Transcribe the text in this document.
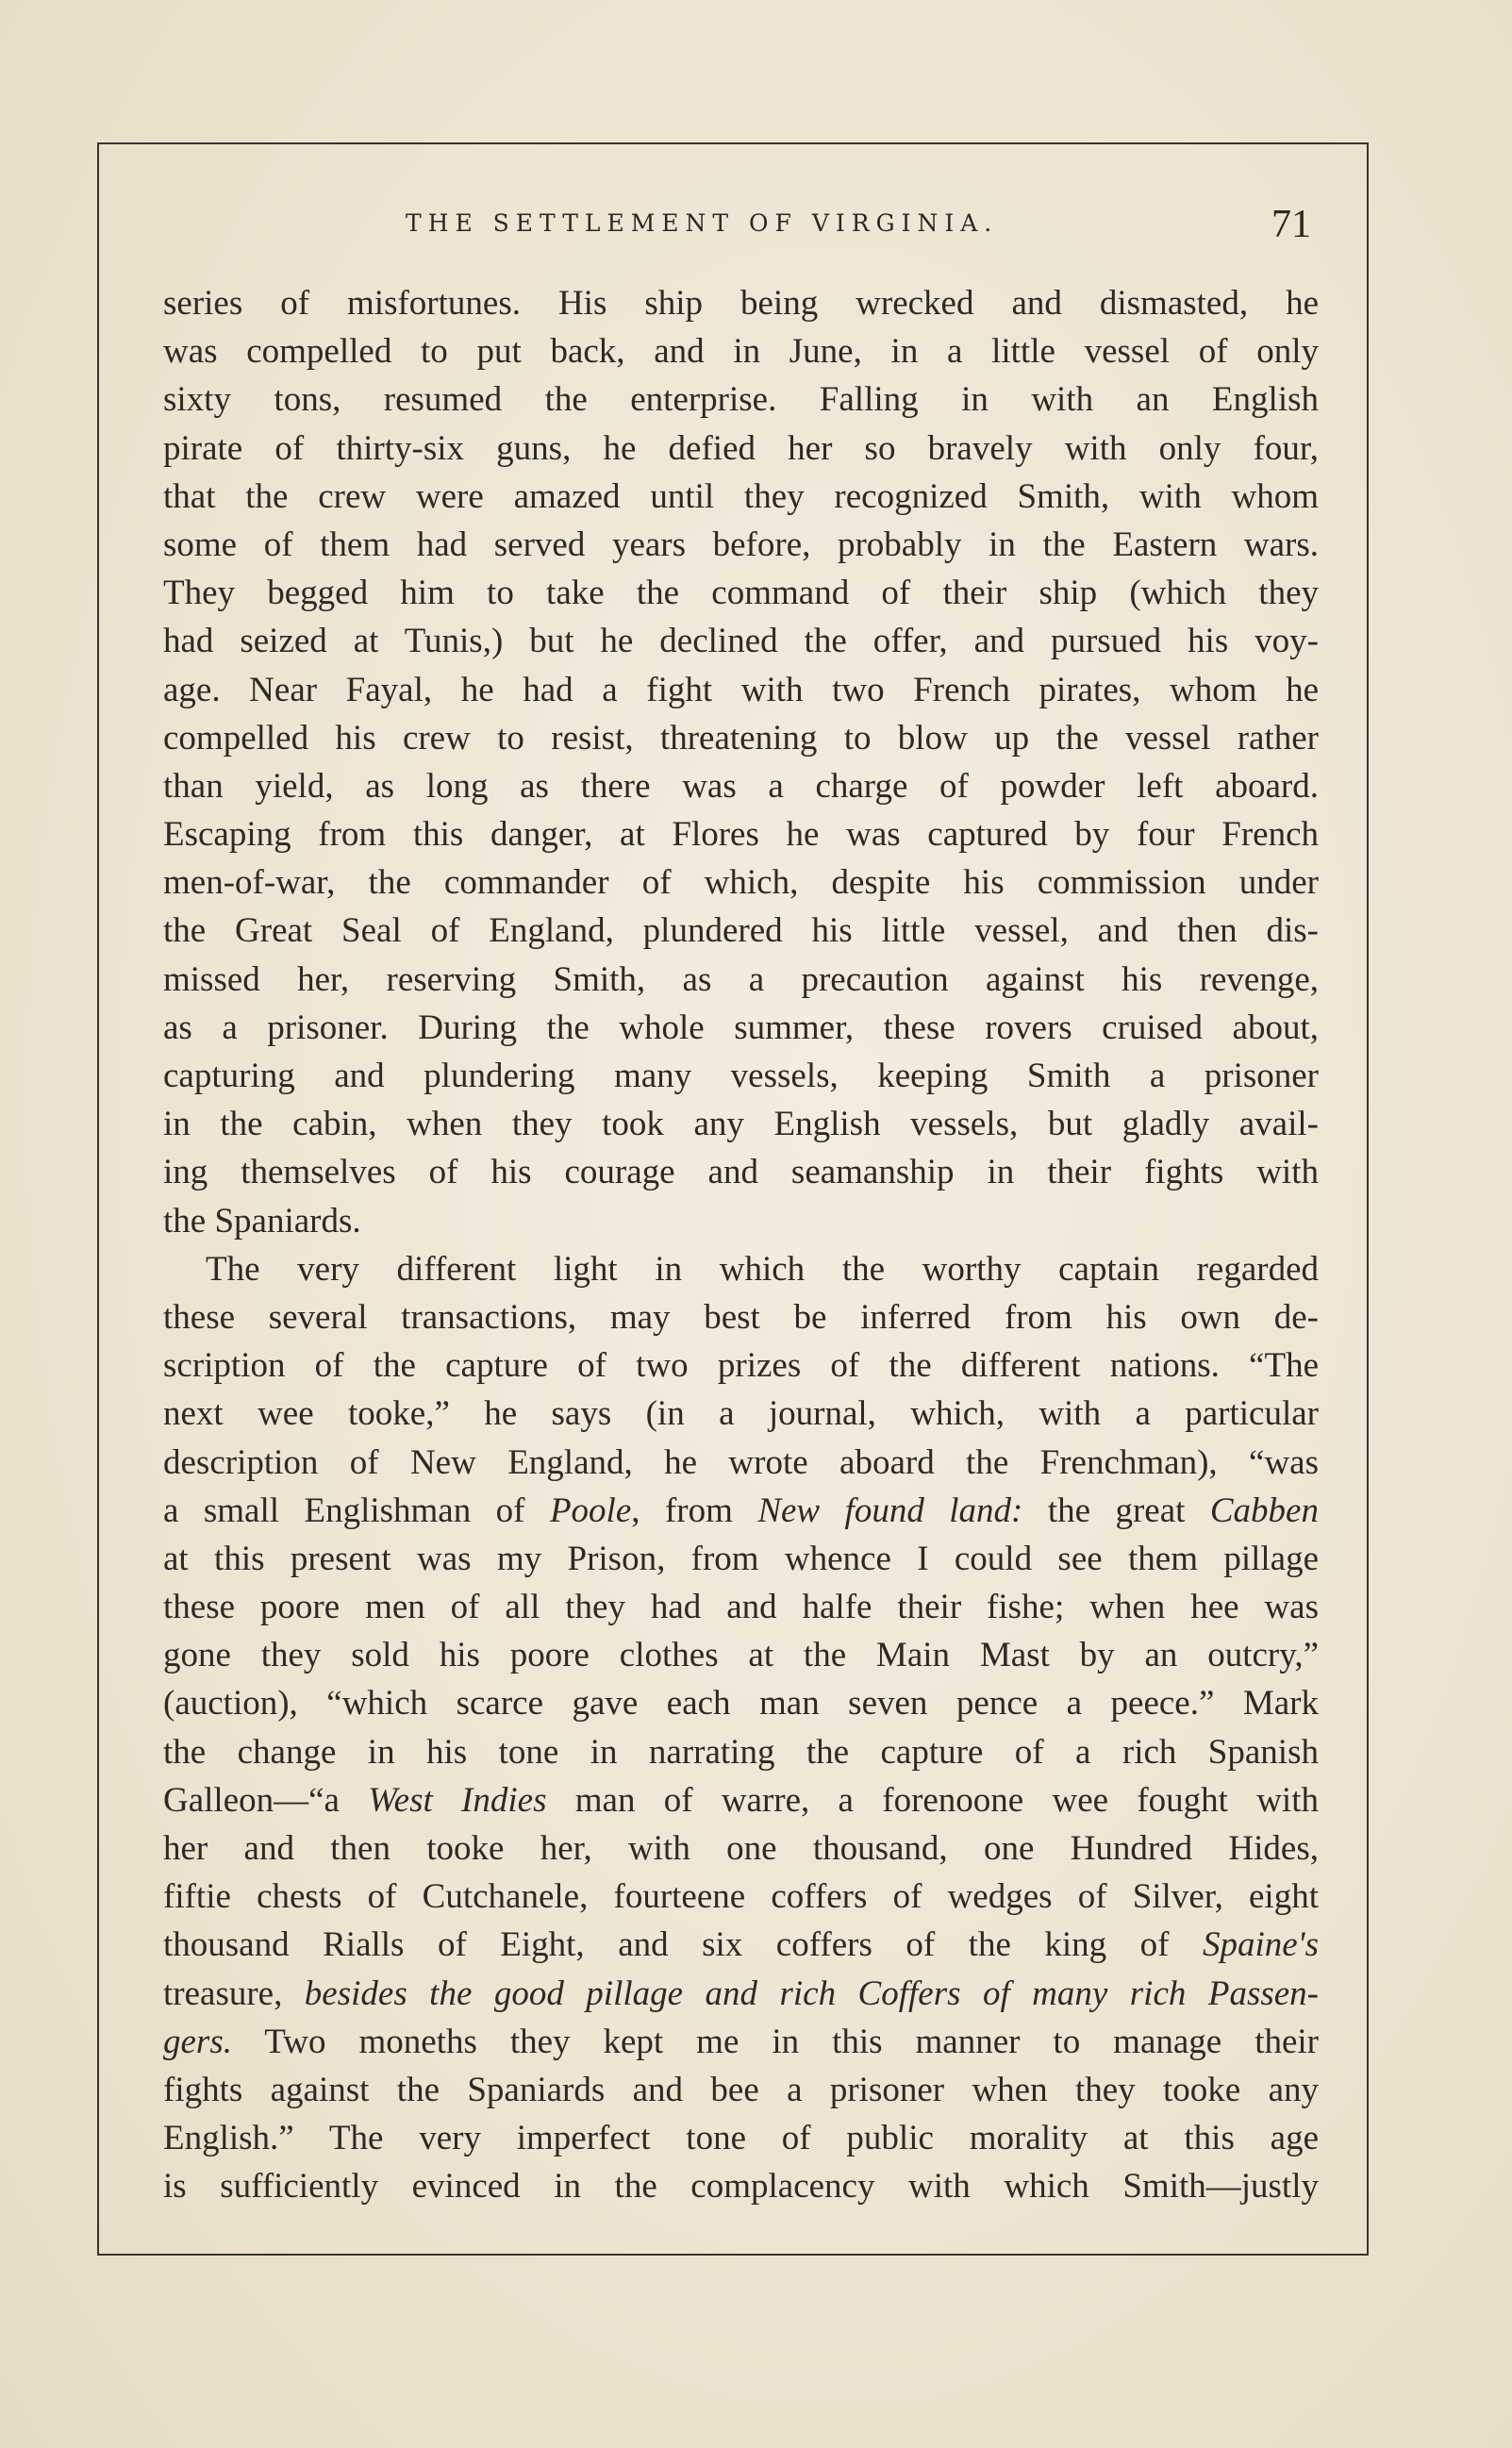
THE SETTLEMENT OF VIRGINIA.	71
series of misfortunes. His ship being wrecked and dismasted, he
was compelled to put back, and in June, in a little vessel of only
sixty tons, resumed the enterprise. Falling in with an English
pirate of thirty-six guns, he defied her so bravely with only four,
that the crew were amazed until they recognized Smith, with whom
some of them had served years before, probably in the Eastern wars.
They begged him to take the command of their ship (which they
had seized at Tunis,) but he declined the offer, and pursued his voy-
age. Near Fayal, he had a fight with two French pirates, whom he
compelled his crew to resist, threatening to blow up the vessel rather
than yield, as long as there was a charge of powder left aboard.
Escaping from this danger, at Flores he was captured by four French
men-of-war, the commander of which, despite his commission under
the Great Seal of England, plundered his little vessel, and then dis-
missed her, reserving Smith, as a precaution against his revenge,
as a prisoner. During the whole summer, these rovers cruised about,
capturing and plundering many vessels, keeping Smith a prisoner
in the cabin, when they took any English vessels, but gladly avail-
ing themselves of his courage and seamanship in their fights with
the Spaniards.
The very different light in which the worthy captain regarded
these several transactions, may best be inferred from his own de-
scription of the capture of two prizes of the different nations. “The
next wee tooke,” he says (in a journal, which, with a particular
description of New England, he wrote aboard the Frenchman), “was
a small Englishman of Poole, from New found land: the great Cabben
at this present was my Prison, from whence I could see them pillage
these poore men of all they had and halfe their fishe; when hee was
gone they sold his poore clothes at the Main Mast by an outcry,”
(auction), “which scarce gave each man seven pence a peece.” Mark
the change in his tone in narrating the capture of a rich Spanish
Galleon—“a West Indies man of warre, a forenoone wee fought with
her and then tooke her, with one thousand, one Hundred Hides,
fiftie chests of Cutchanele, fourteene coffers of wedges of Silver, eight
thousand Rialls of Eight, and six coffers of the king of Spaine's
treasure, besides the good pillage and rich Coffers of many rich Passen-
gers. Two moneths they kept me in this manner to manage their
fights against the Spaniards and bee a prisoner when they tooke any
English.” The very imperfect tone of public morality at this age
is sufficiently evinced in the complacency with which Smith—justly
